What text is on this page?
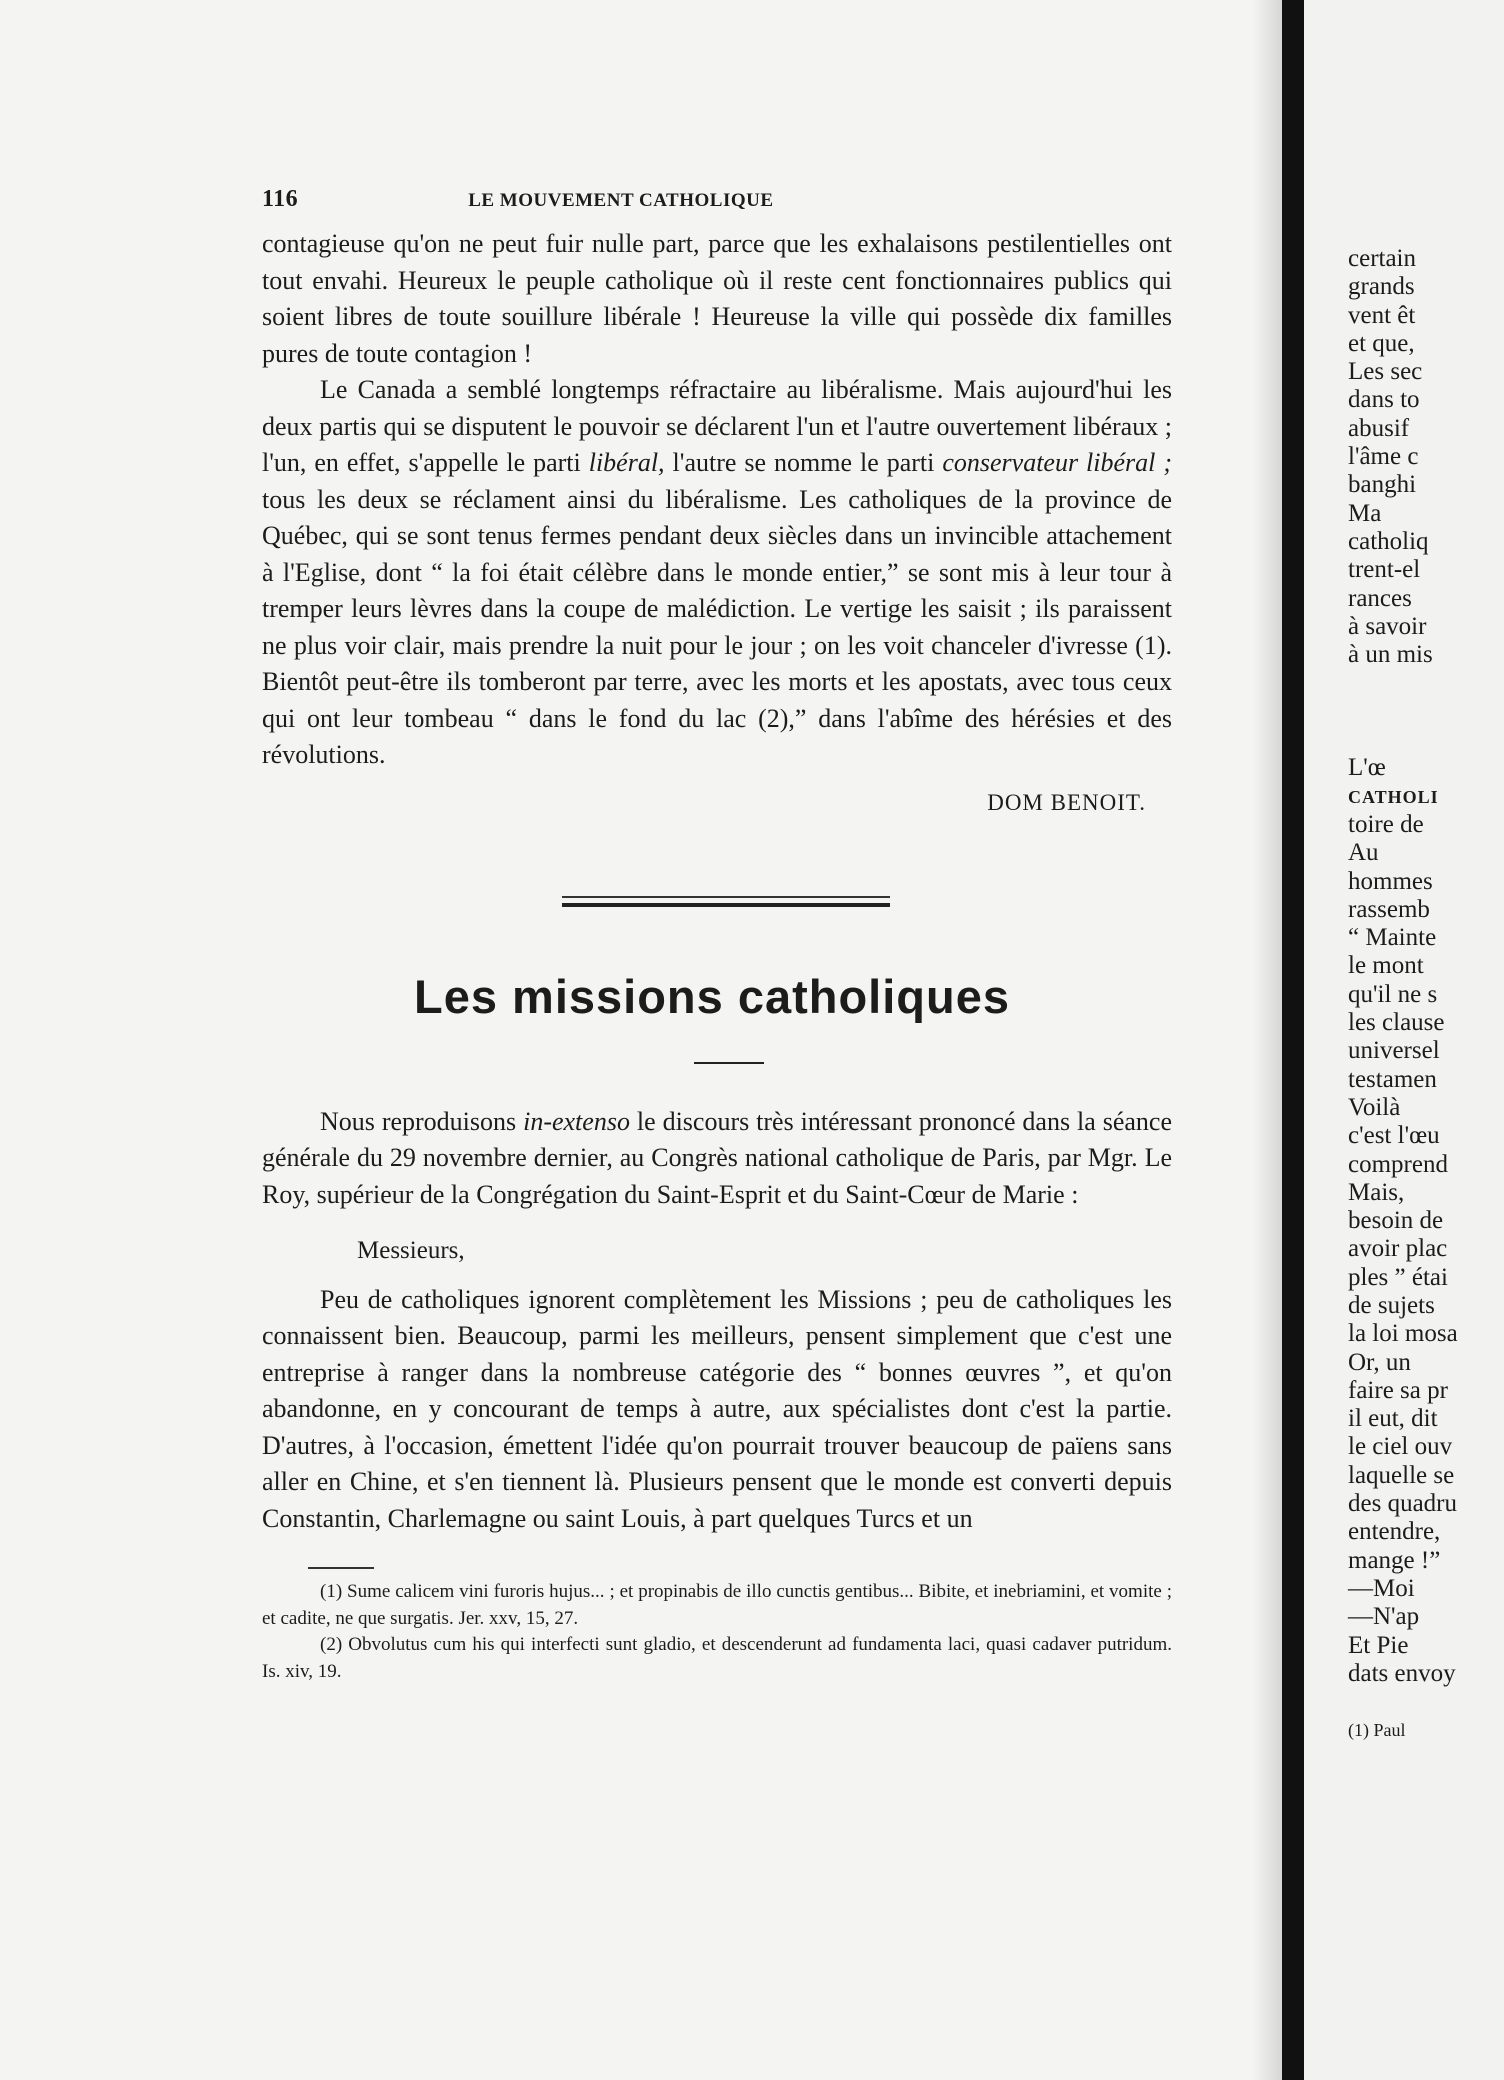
116	LE MOUVEMENT CATHOLIQUE

contagieuse qu'on ne peut fuir nulle part, parce que les exhalaisons pestilentielles ont tout envahi. Heureux le peuple catholique où il reste cent fonctionnaires publics qui soient libres de toute souillure libérale ! Heureuse la ville qui possède dix familles pures de toute contagion !

Le Canada a semblé longtemps réfractaire au libéralisme. Mais aujourd'hui les deux partis qui se disputent le pouvoir se déclarent l'un et l'autre ouvertement libéraux ; l'un, en effet, s'appelle le parti libéral, l'autre se nomme le parti conservateur libéral ; tous les deux se réclament ainsi du libéralisme. Les catholiques de la province de Québec, qui se sont tenus fermes pendant deux siècles dans un invincible attachement à l'Eglise, dont “ la foi était célèbre dans le monde entier,” se sont mis à leur tour à tremper leurs lèvres dans la coupe de malédiction. Le vertige les saisit ; ils paraissent ne plus voir clair, mais prendre la nuit pour le jour ; on les voit chanceler d'ivresse (1). Bientôt peut-être ils tomberont par terre, avec les morts et les apostats, avec tous ceux qui ont leur tombeau “ dans le fond du lac (2),” dans l'abîme des hérésies et des révolutions.

DOM BENOIT.
Les missions catholiques

Nous reproduisons in-extenso le discours très intéressant prononcé dans la séance générale du 29 novembre dernier, au Congrès national catholique de Paris, par Mgr. Le Roy, supérieur de la Congrégation du Saint-Esprit et du Saint-Cœur de Marie :

Messieurs,

Peu de catholiques ignorent complètement les Missions ; peu de catholiques les connaissent bien. Beaucoup, parmi les meilleurs, pensent simplement que c'est une entreprise à ranger dans la nombreuse catégorie des “ bonnes œuvres ”, et qu'on abandonne, en y concourant de temps à autre, aux spécialistes dont c'est la partie. D'autres, à l'occasion, émettent l'idée qu'on pourrait trouver beaucoup de païens sans aller en Chine, et s'en tiennent là. Plusieurs pensent que le monde est converti depuis Constantin, Charlemagne ou saint Louis, à part quelques Turcs et un

(1) Sume calicem vini furoris hujus... ; et propinabis de illo cunctis gentibus... Bibite, et inebriamini, et vomite ; et cadite, ne que surgatis. Jer. xxv, 15, 27.

(2) Obvolutus cum his qui interfecti sunt gladio, et descenderunt ad fundamenta laci, quasi cadaver putridum. Is. xiv, 19.

certain
grands
vent êt
et que,
Les sec
dans to
abusif
l'âme c
banghi
Ma
catholiq
trent-el
rances
à savoir
à un mis

L'œ
CATHOLI
toire de
Au
hommes
rassemb
“ Mainte
le mont
qu'il ne s
les clause
universel
testamen
Voilà
c'est l'œu
comprend
Mais,
besoin de
avoir plac
ples ” étai
de sujets
la loi mosa
Or, un
faire sa pr
il eut, dit
le ciel ouv
laquelle se
des quadru
entendre,
mange !”
—Moi
—N'ap
Et Pie
dats envoy

(1) Paul
